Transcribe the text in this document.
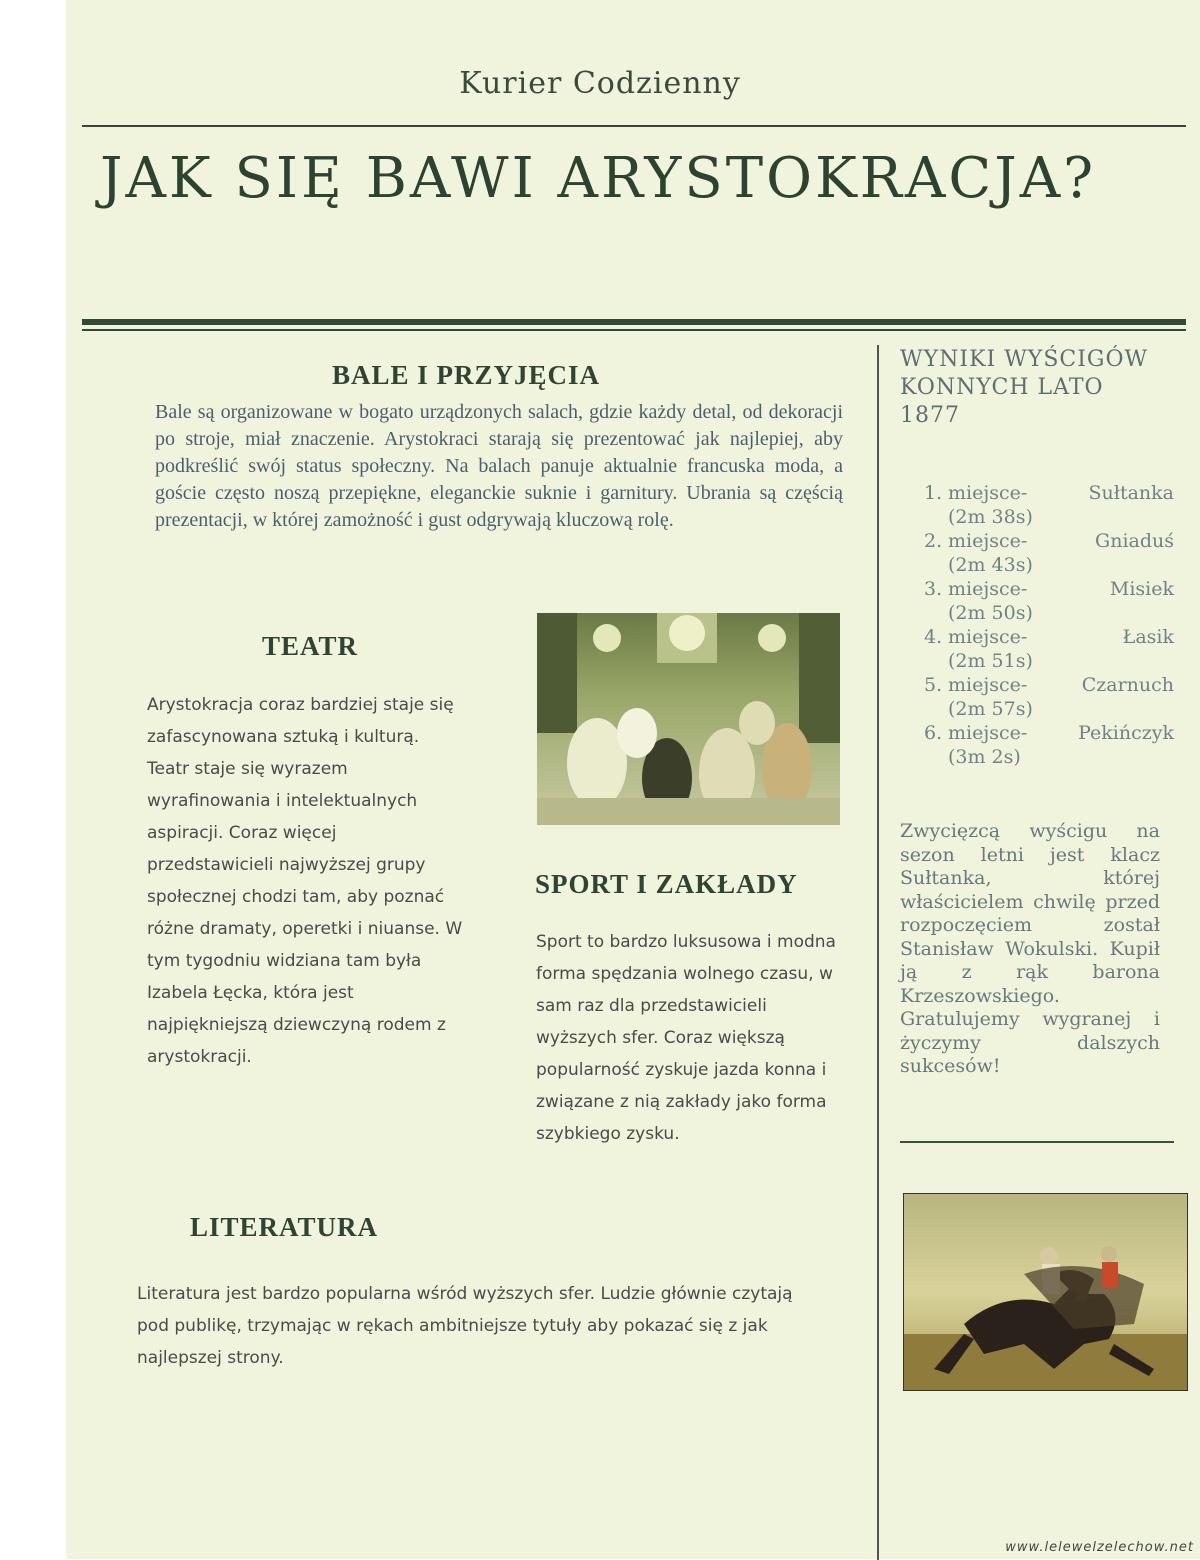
Kurier Codzienny
JAK SIĘ BAWI ARYSTOKRACJA?
BALE I PRZYJĘCIA
Bale są organizowane w bogato urządzonych salach, gdzie każdy detal, od dekoracji po stroje, miał znaczenie. Arystokraci starają się prezentować jak najlepiej, aby podkreślić swój status społeczny. Na balach panuje aktualnie francuska moda, a goście często noszą przepiękne, eleganckie suknie i garnitury. Ubrania są częścią prezentacji, w której zamożność i gust odgrywają kluczową rolę.
TEATR
Arystokracja coraz bardziej staje się zafascynowana sztuką i kulturą. Teatr staje się wyrazem wyrafinowania i intelektualnych aspiracji. Coraz więcej przedstawicieli najwyższej grupy społecznej chodzi tam, aby poznać różne dramaty, operetki i niuanse. W tym tygodniu widziana tam była Izabela Łęcka, która jest najpiękniejszą dziewczyną rodem z arystokracji.
SPORT I ZAKŁADY
Sport to bardzo luksusowa i modna forma spędzania wolnego czasu, w sam raz dla przedstawicieli wyższych sfer. Coraz większą popularność zyskuje jazda konna i związane z nią zakłady jako forma szybkiego zysku.
LITERATURA
Literatura jest bardzo popularna wśród wyższych sfer. Ludzie głównie czytają pod publikę, trzymając w rękach ambitniejsze tytuły aby pokazać się z jak najlepszej strony.
WYNIKI WYŚCIGÓW KONNYCH LATO 1877
1. miejsce-	Sułtanka
(2m 38s)
2. miejsce-	Gniaduś
(2m 43s)
3. miejsce-	Misiek
(2m 50s)
4. miejsce-	Łasik
(2m 51s)
5. miejsce-	Czarnuch
(2m 57s)
6. miejsce-	Pekińczyk
(3m 2s)
Zwycięzcą wyścigu na sezon letni jest klacz Sułtanka, której właścicielem chwilę przed rozpoczęciem został Stanisław Wokulski. Kupił ją z rąk barona Krzeszowskiego. Gratulujemy wygranej i życzymy dalszych sukcesów!
www.lelewelzelechow.net
